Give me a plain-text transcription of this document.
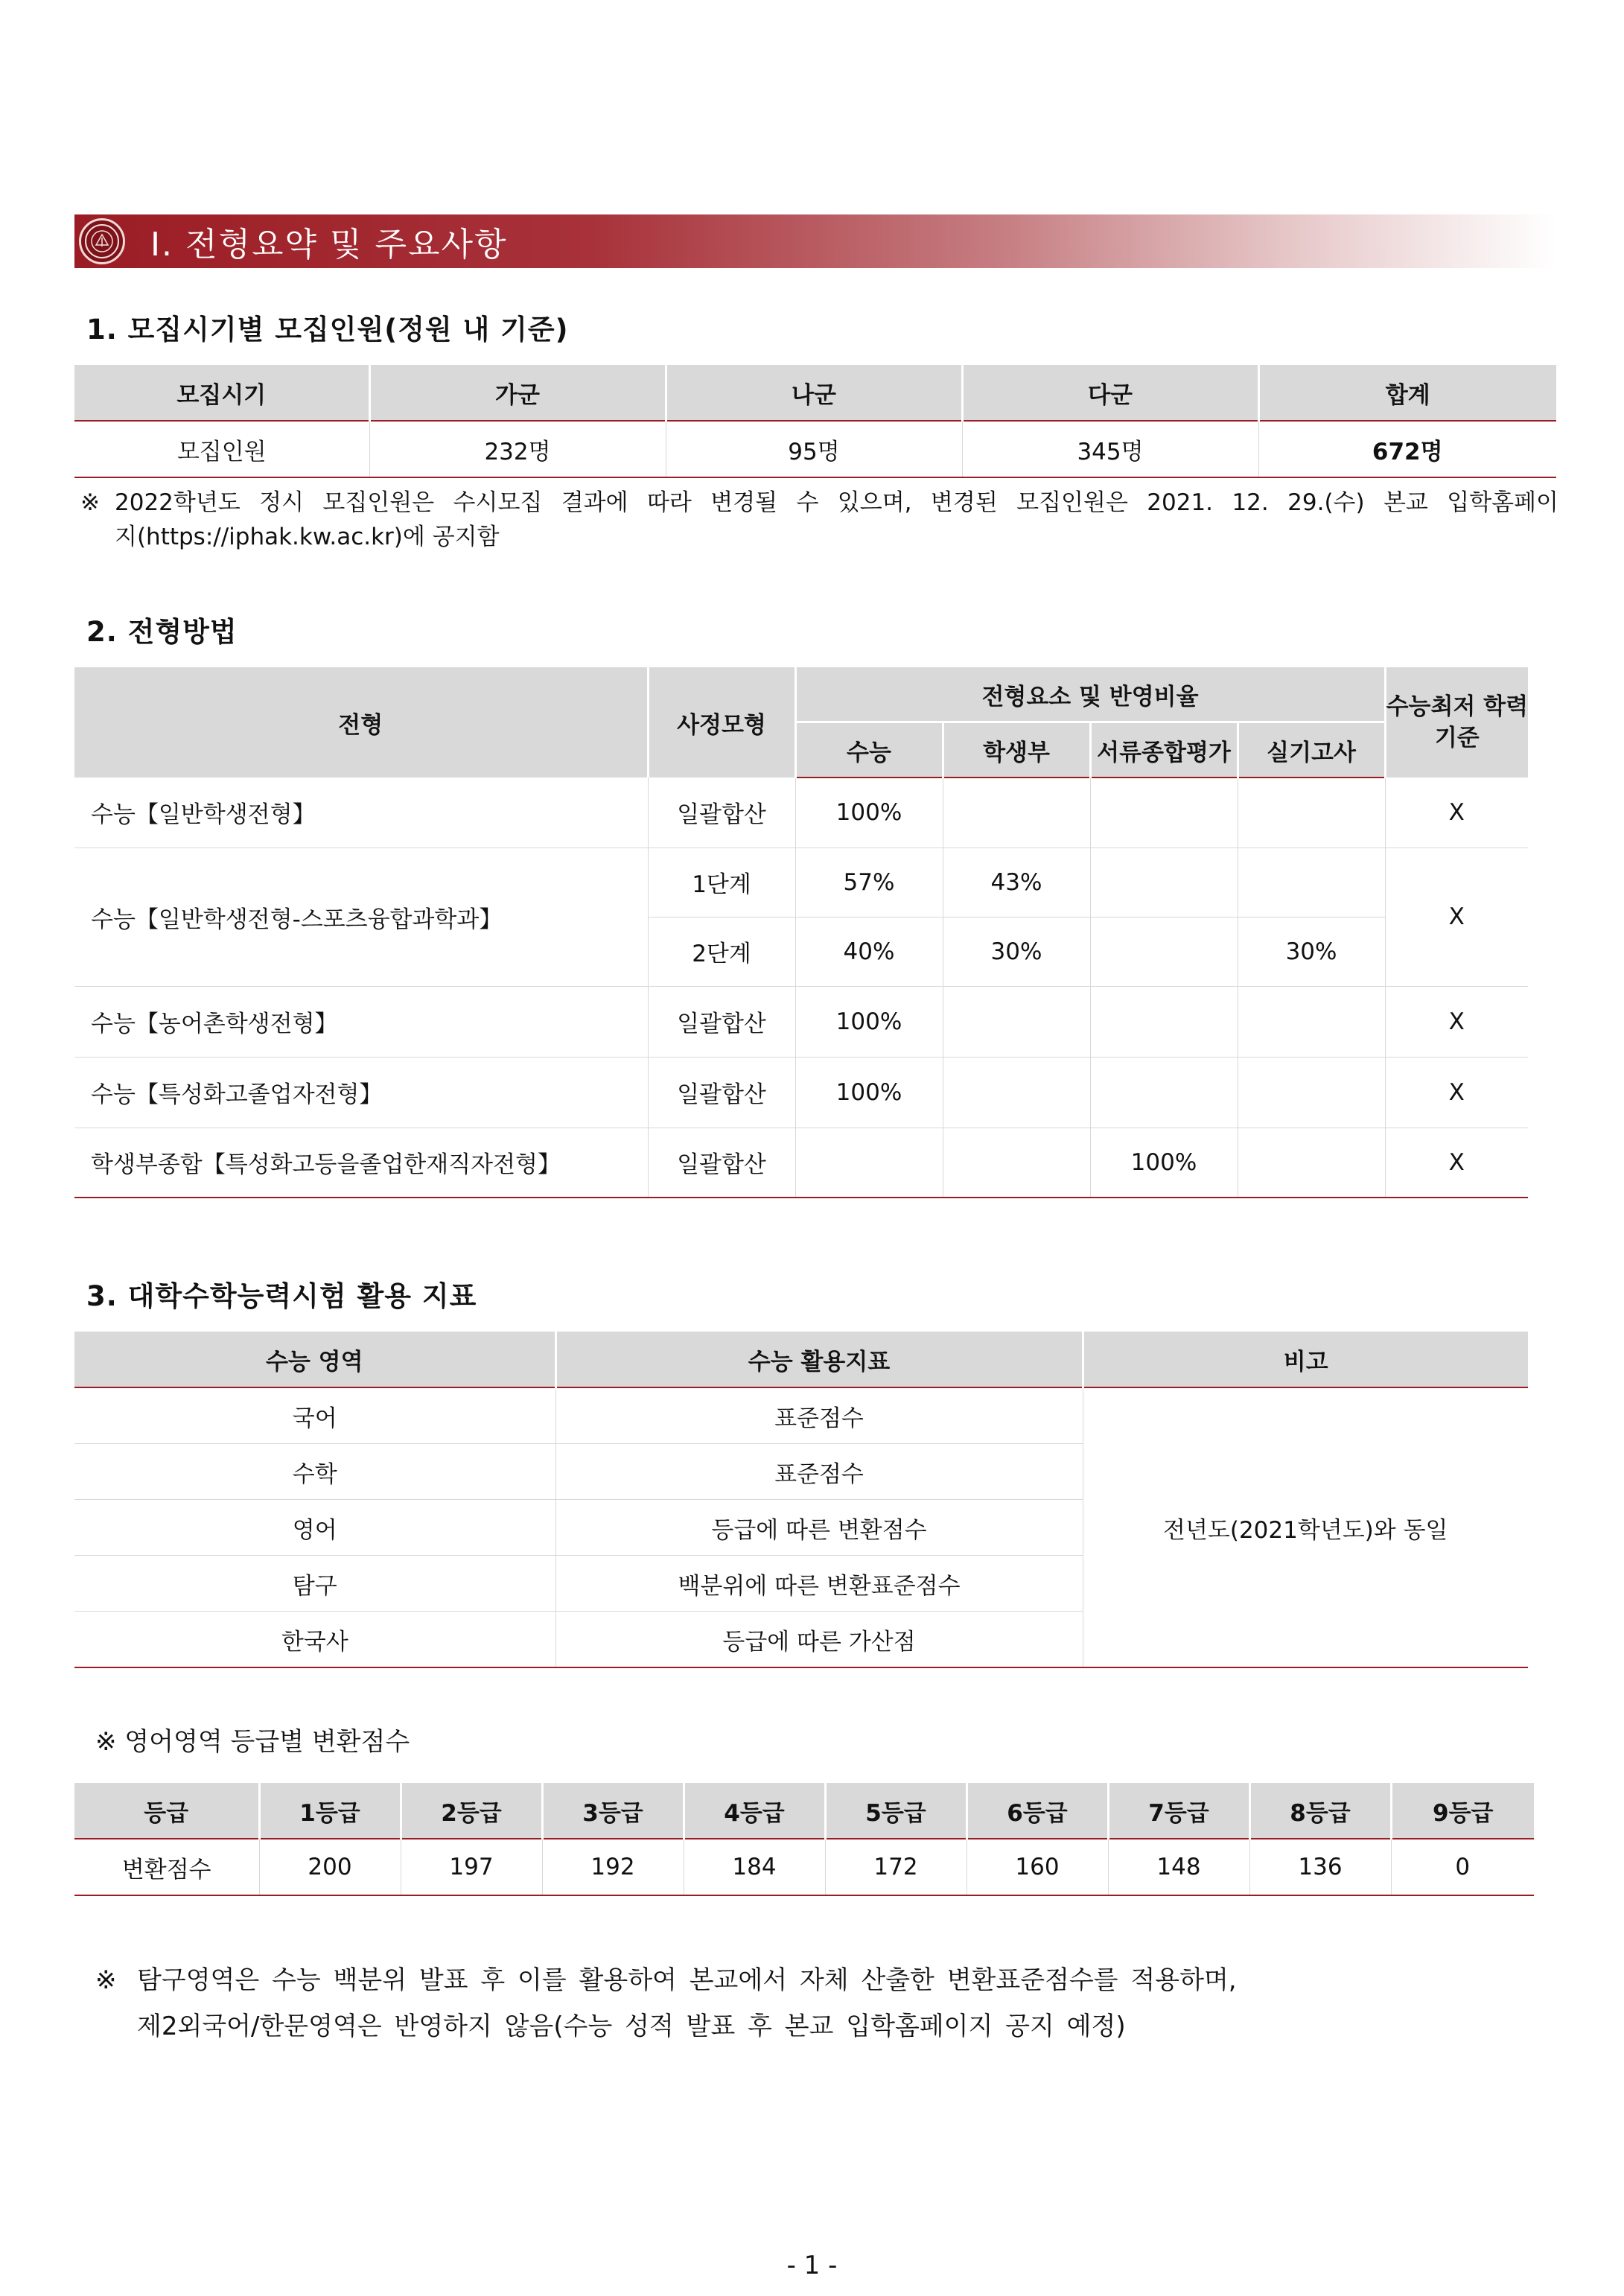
Ⅰ. 전형요약 및 주요사항
1. 모집시기별 모집인원(정원 내 기준)
모집시기	가군	나군	다군	합계
모집인원	232명	95명	345명	672명
※ 2022학년도 정시 모집인원은 수시모집 결과에 따라 변경될 수 있으며, 변경된 모집인원은 2021. 12. 29.(수) 본교 입학홈페이
지(https://iphak.kw.ac.kr)에 공지함
2. 전형방법
전형	사정모형	전형요소 및 반영비율				수능최저 학력기준
		수능	학생부	서류종합평가	실기고사	
수능【일반학생전형】	일괄합산	100%				X
수능【일반학생전형-스포츠융합과학과】	1단계	57%	43%			X
	2단계	40%	30%		30%	
수능【농어촌학생전형】	일괄합산	100%				X
수능【특성화고졸업자전형】	일괄합산	100%				X
학생부종합【특성화고등을졸업한재직자전형】	일괄합산			100%		X
3. 대학수학능력시험 활용 지표
수능 영역	수능 활용지표	비고
국어	표준점수	전년도(2021학년도)와 동일
수학	표준점수	
영어	등급에 따른 변환점수	
탐구	백분위에 따른 변환표준점수	
한국사	등급에 따른 가산점	
※ 영어영역 등급별 변환점수
등급	1등급	2등급	3등급	4등급	5등급	6등급	7등급	8등급	9등급
변환점수	200	197	192	184	172	160	148	136	0
※ 탐구영역은 수능 백분위 발표 후 이를 활용하여 본교에서 자체 산출한 변환표준점수를 적용하며,
제2외국어/한문영역은 반영하지 않음(수능 성적 발표 후 본교 입학홈페이지 공지 예정)
- 1 -
